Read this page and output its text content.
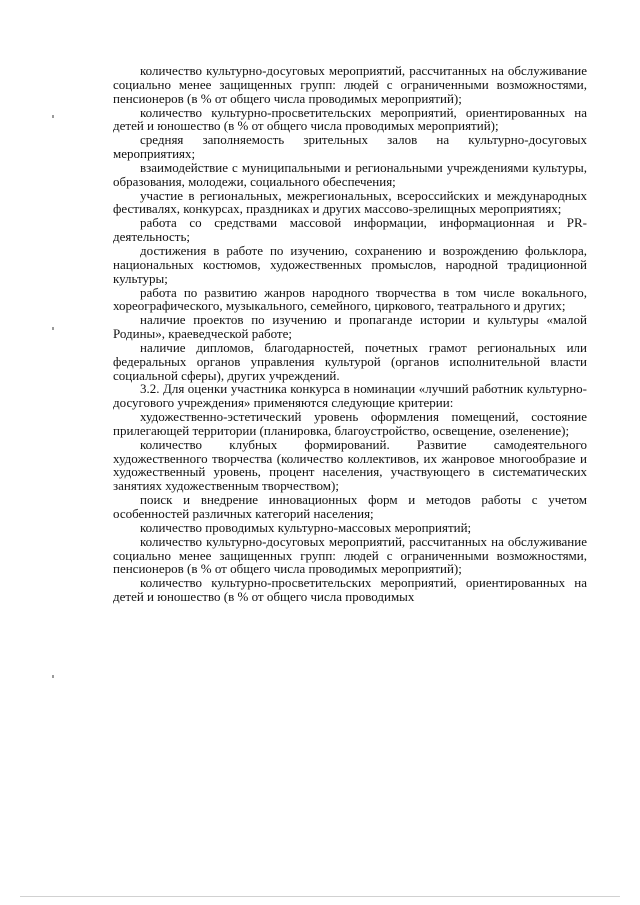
количество культурно-досуговых мероприятий, рассчитанных на обслуживание социально менее защищенных групп: людей с ограниченными возможностями, пенсионеров (в % от общего числа проводимых мероприятий);

количество культурно-просветительских мероприятий, ориентированных на детей и юношество (в % от общего числа проводимых мероприятий);

средняя заполняемость зрительных залов на культурно-досуговых мероприятиях;

взаимодействие с муниципальными и региональными учреждениями культуры, образования, молодежи, социального обеспечения;

участие в региональных, межрегиональных, всероссийских и международных фестивалях, конкурсах, праздниках и других массово-зрелищных мероприятиях;

работа со средствами массовой информации, информационная и PR-деятельность;

достижения в работе по изучению, сохранению и возрождению фольклора, национальных костюмов, художественных промыслов, народной традиционной культуры;

работа по развитию жанров народного творчества в том числе вокального, хореографического, музыкального, семейного, циркового, театрального и других;

наличие проектов по изучению и пропаганде истории и культуры «малой Родины», краеведческой работе;

наличие дипломов, благодарностей, почетных грамот региональных или федеральных органов управления культурой (органов исполнительной власти социальной сферы), других учреждений.

3.2. Для оценки участника конкурса в номинации «лучший работник культурно-досугового учреждения» применяются следующие критерии:

художественно-эстетический уровень оформления помещений, состояние прилегающей территории (планировка, благоустройство, освещение, озеленение);

количество клубных формирований. Развитие самодеятельного художественного творчества (количество коллективов, их жанровое многообразие и художественный уровень, процент населения, участвующего в систематических занятиях художественным творчеством);

поиск и внедрение инновационных форм и методов работы с учетом особенностей различных категорий населения;

количество проводимых культурно-массовых мероприятий;

количество культурно-досуговых мероприятий, рассчитанных на обслуживание социально менее защищенных групп: людей с ограниченными возможностями, пенсионеров (в % от общего числа проводимых мероприятий);

количество культурно-просветительских мероприятий, ориентированных на детей и юношество (в % от общего числа проводимых
